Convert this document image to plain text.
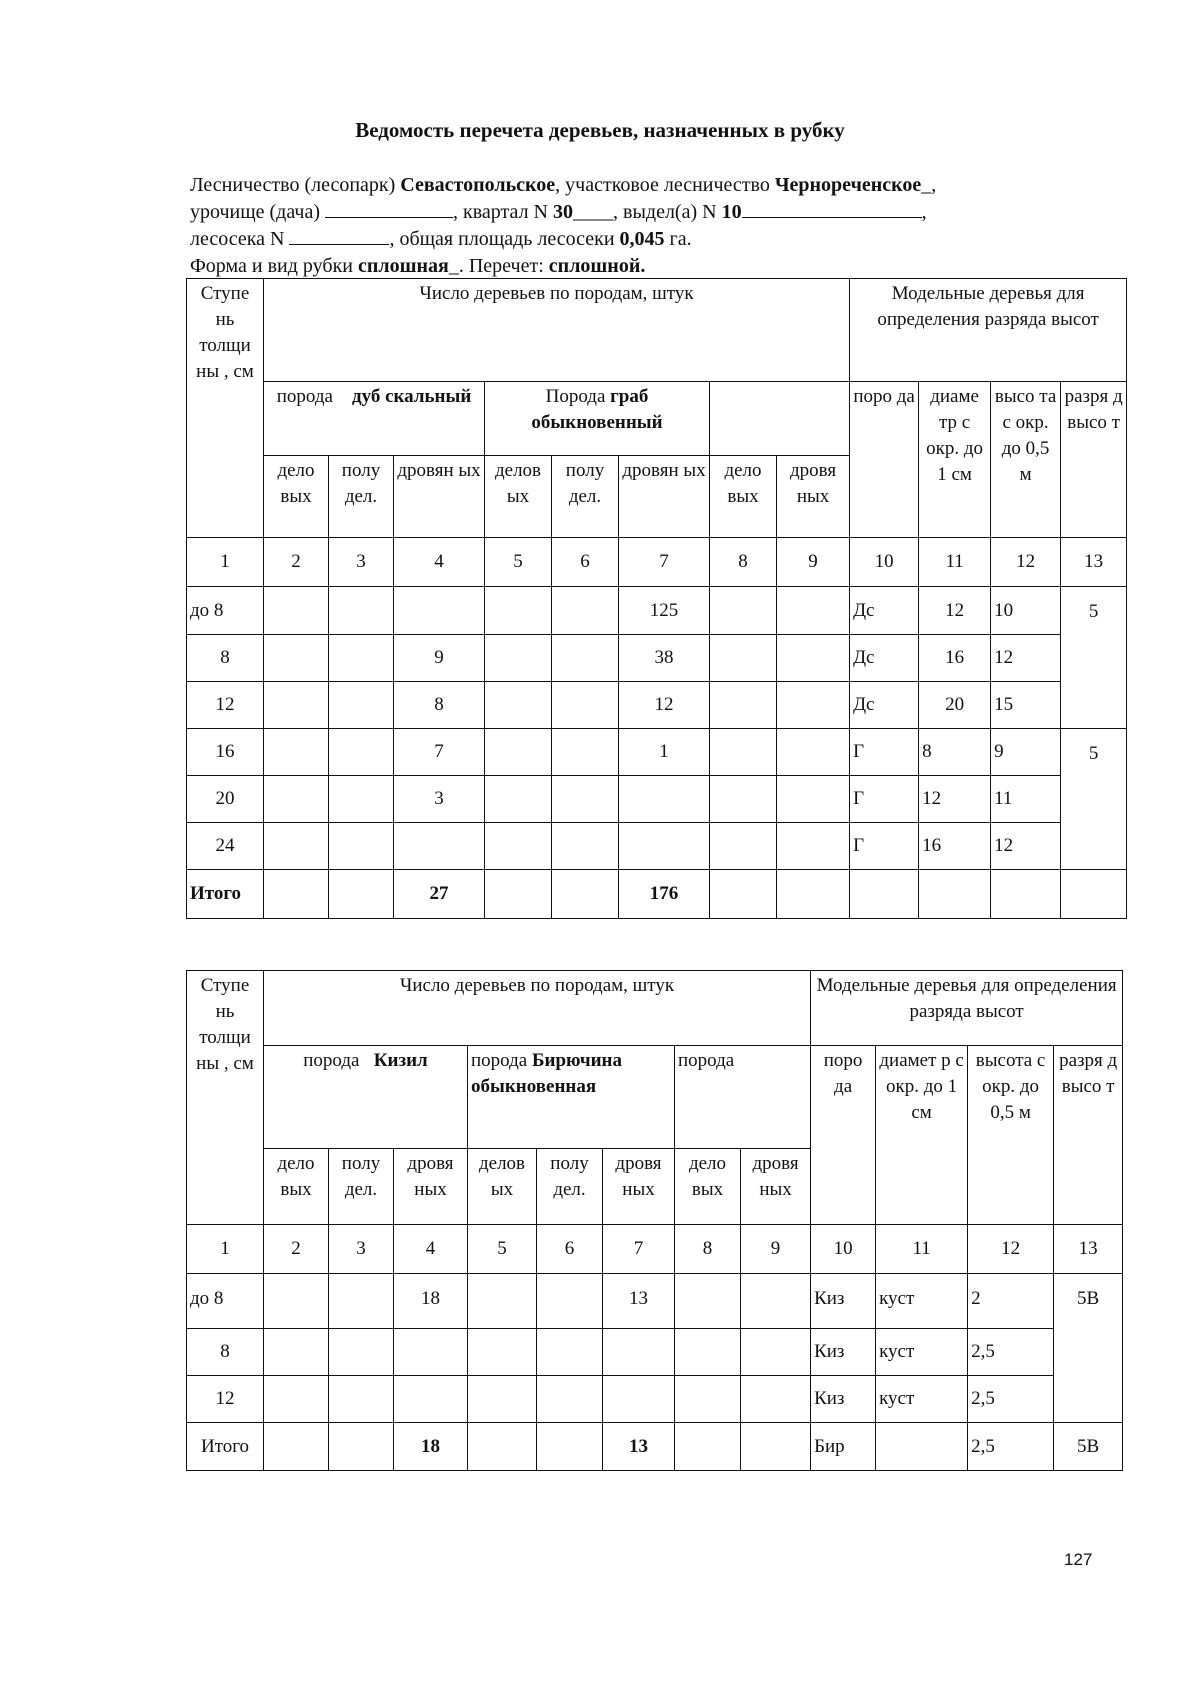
Ведомость перечета деревьев, назначенных в рубку
Лесничество (лесопарк) Севастопольское, участковое лесничество Чернореченское_,
урочище (дача)	, квартал N 30____, выдел(а) N 10	,
лесосека N	, общая площадь лесосеки 0,045 га.
Форма и вид рубки сплошная_. Перечет: сплошной.
Ступе нь толщи ны , см	Число деревьев по породам, штук								Модельные деревья для определения разряда высот			
	порода дуб скальный			Порода граб обыкновенный					поро да	диаме тр с окр. до 1 см	высо та с окр. до 0,5 м	разря д высо т
	дело вых	полу дел.	дровян ых	делов ых	полу дел.	дровян ых	дело вых	дровя ных				
1	2	3	4	5	6	7	8	9	10	11	12	13
до 8						125			Дс	12	10	5
8			9			38			Дс	16	12	
12			8			12			Дс	20	15	
16			7			1			Г	8	9	5
20			3						Г	12	11	
24									Г	16	12	
Итого			27			176						
Ступе нь толщи ны , см	Число деревьев по породам, штук								Модельные деревья для определения разряда высот			
	порода Кизил			порода Бирючина обыкновенная			порода		поро да	диамет р с окр. до 1 см	высота с окр. до 0,5 м	разря д высо т
	дело вых	полу дел.	дровя ных	делов ых	полу дел.	дровя ных	дело вых	дровя ных				
1	2	3	4	5	6	7	8	9	10	11	12	13
до 8			18			13			Киз	куст	2	5В
8									Киз	куст	2,5	
12									Киз	куст	2,5	
Итого			18			13			Бир		2,5	5В
127
